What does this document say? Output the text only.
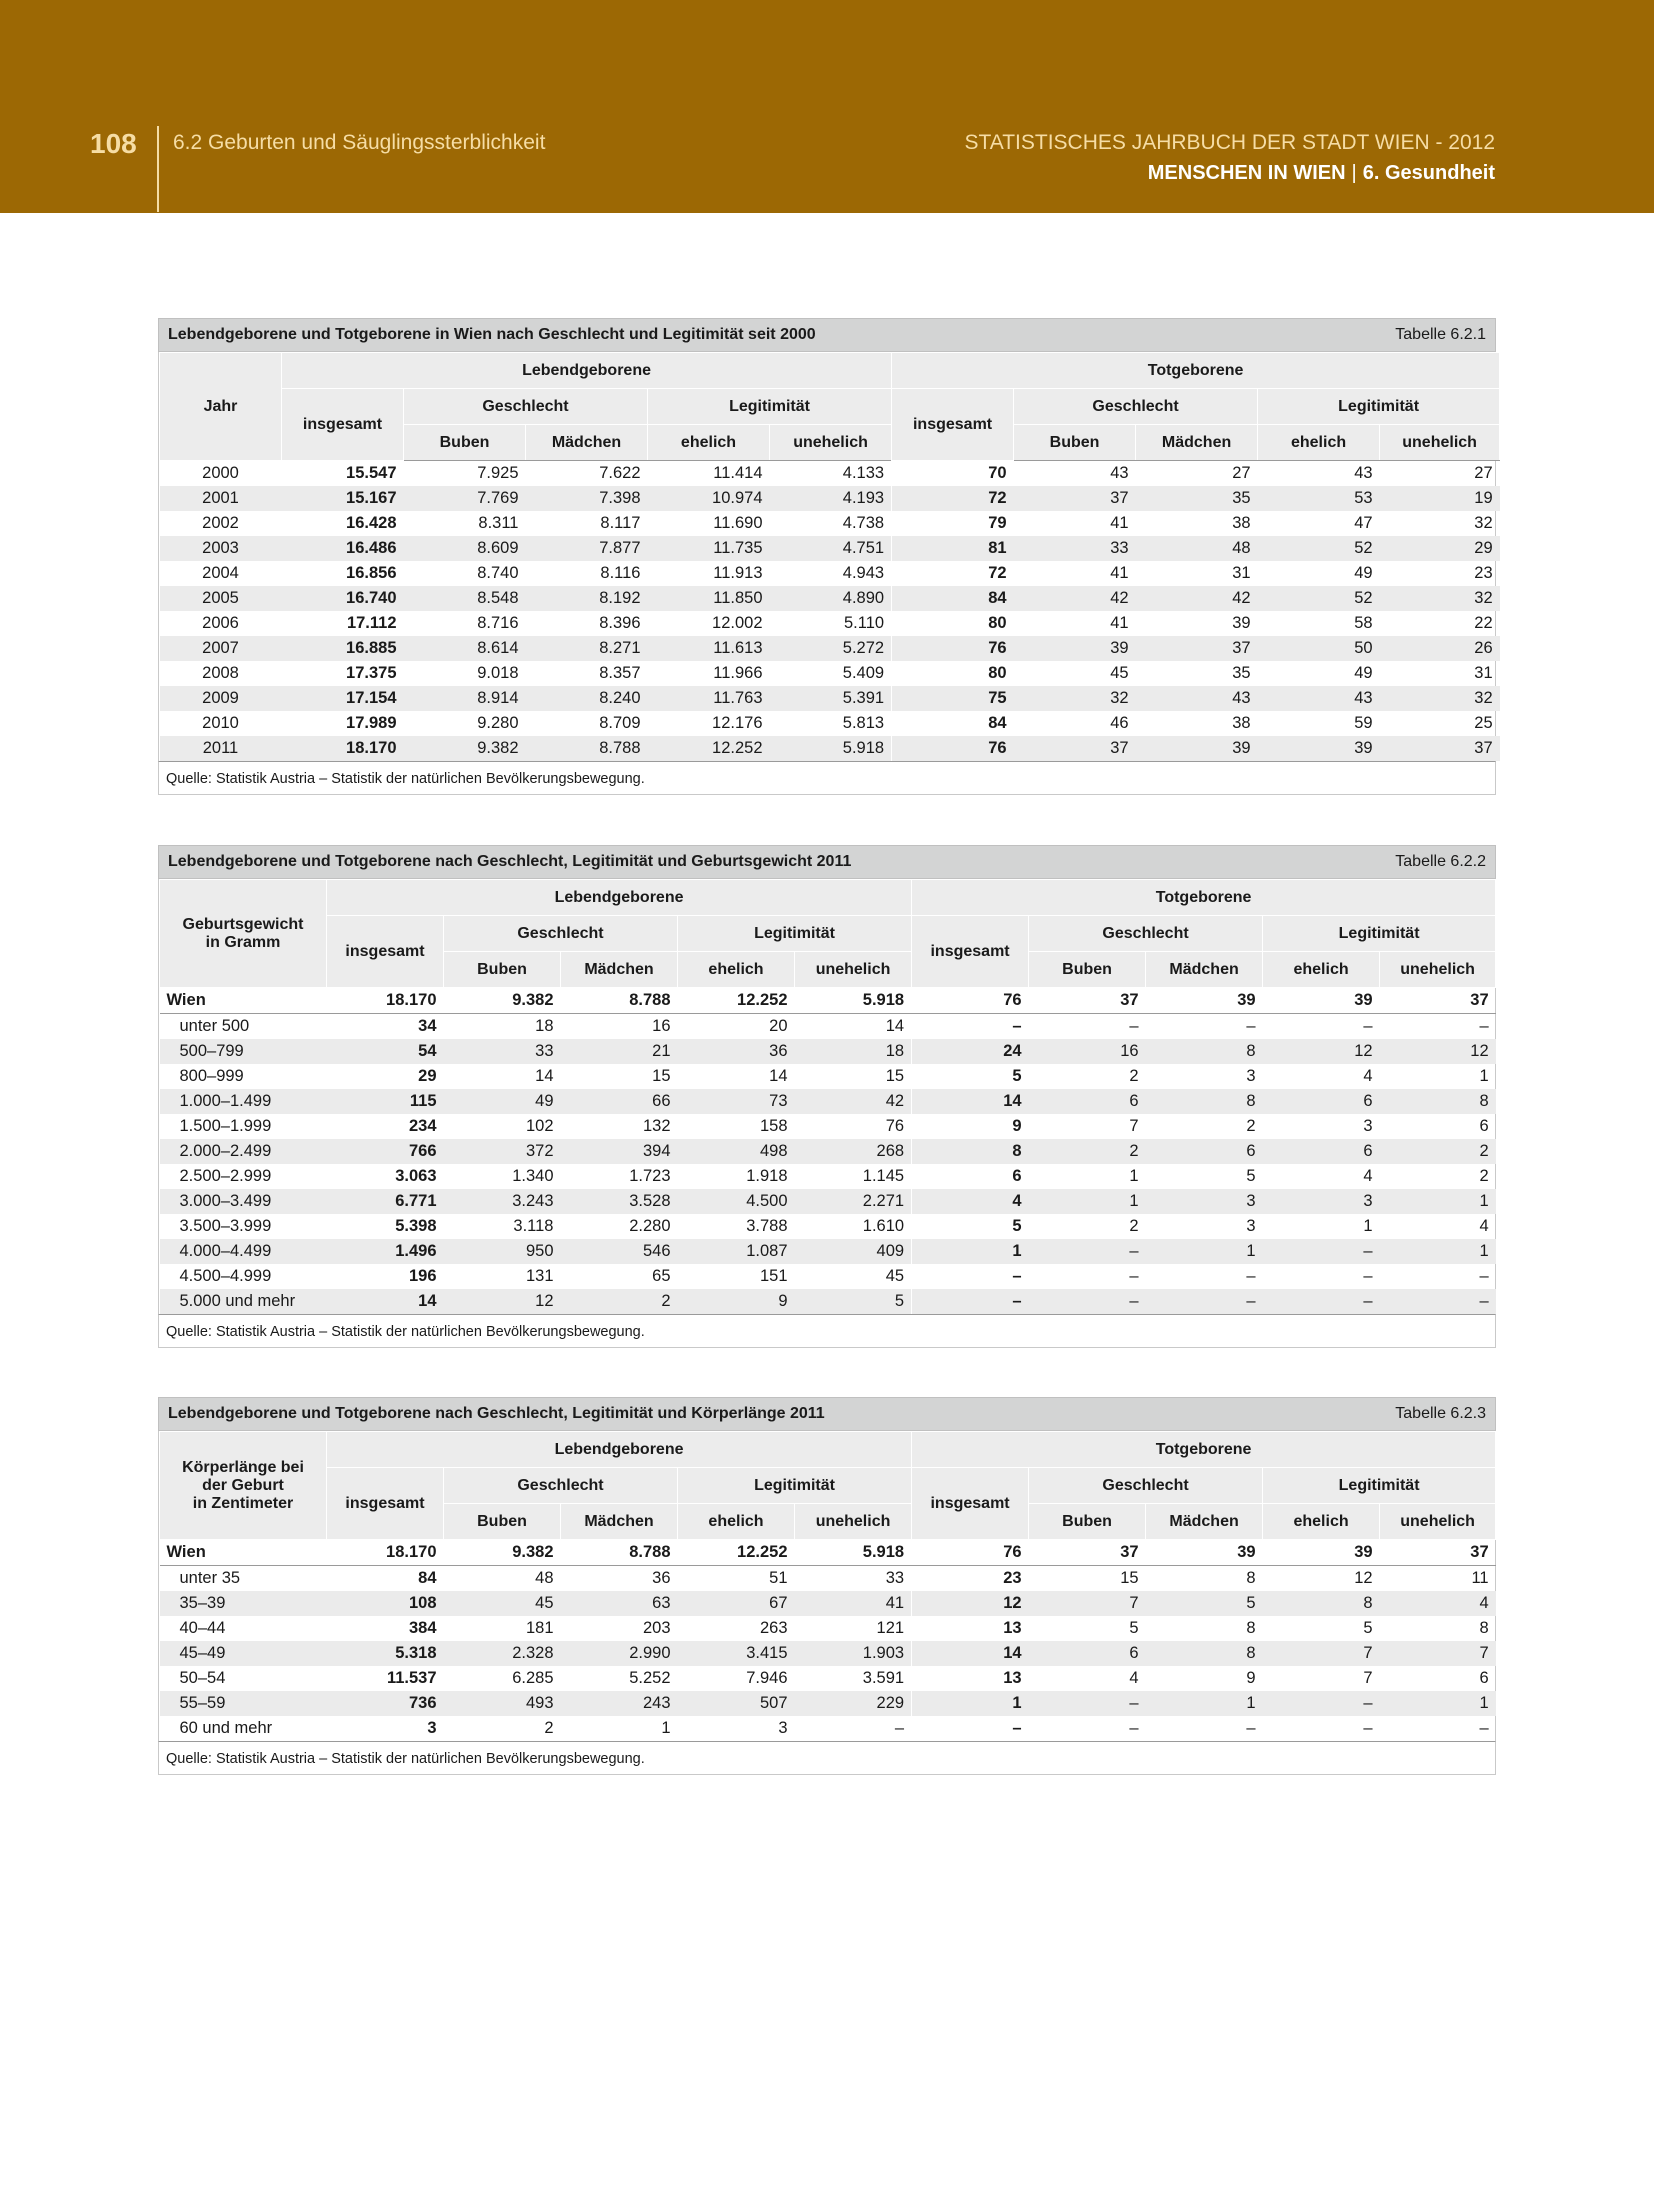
108 6.2 Geburten und Säuglingssterblichkeit	STATISTISCHES JAHRBUCH DER STADT WIEN - 2012
MENSCHEN IN WIEN | 6. Gesundheit
Lebendgeborene und Totgeborene in Wien nach Geschlecht und Legitimität seit 2000	Tabelle 6.2.1
Jahr	Lebendgeborene					Totgeborene				
	insgesamt	Geschlecht		Legitimität		insgesamt	Geschlecht		Legitimität	
		Buben	Mädchen	ehelich	unehelich		Buben	Mädchen	ehelich	unehelich
2000	15.547	7.925	7.622	11.414	4.133	70	43	27	43	27
2001	15.167	7.769	7.398	10.974	4.193	72	37	35	53	19
2002	16.428	8.311	8.117	11.690	4.738	79	41	38	47	32
2003	16.486	8.609	7.877	11.735	4.751	81	33	48	52	29
2004	16.856	8.740	8.116	11.913	4.943	72	41	31	49	23
2005	16.740	8.548	8.192	11.850	4.890	84	42	42	52	32
2006	17.112	8.716	8.396	12.002	5.110	80	41	39	58	22
2007	16.885	8.614	8.271	11.613	5.272	76	39	37	50	26
2008	17.375	9.018	8.357	11.966	5.409	80	45	35	49	31
2009	17.154	8.914	8.240	11.763	5.391	75	32	43	43	32
2010	17.989	9.280	8.709	12.176	5.813	84	46	38	59	25
2011	18.170	9.382	8.788	12.252	5.918	76	37	39	39	37
Quelle: Statistik Austria – Statistik der natürlichen Bevölkerungsbewegung.
Lebendgeborene und Totgeborene nach Geschlecht, Legitimität und Geburtsgewicht 2011	Tabelle 6.2.2
Geburtsgewicht
in Gramm	Lebendgeborene					Totgeborene				
	insgesamt	Geschlecht		Legitimität		insgesamt	Geschlecht		Legitimität	
		Buben	Mädchen	ehelich	unehelich		Buben	Mädchen	ehelich	unehelich
Wien	18.170	9.382	8.788	12.252	5.918	76	37	39	39	37
unter 500	34	18	16	20	14	–	–	–	–	–
500–799	54	33	21	36	18	24	16	8	12	12
800–999	29	14	15	14	15	5	2	3	4	1
1.000–1.499	115	49	66	73	42	14	6	8	6	8
1.500–1.999	234	102	132	158	76	9	7	2	3	6
2.000–2.499	766	372	394	498	268	8	2	6	6	2
2.500–2.999	3.063	1.340	1.723	1.918	1.145	6	1	5	4	2
3.000–3.499	6.771	3.243	3.528	4.500	2.271	4	1	3	3	1
3.500–3.999	5.398	3.118	2.280	3.788	1.610	5	2	3	1	4
4.000–4.499	1.496	950	546	1.087	409	1	–	1	–	1
4.500–4.999	196	131	65	151	45	–	–	–	–	–
5.000 und mehr	14	12	2	9	5	–	–	–	–	–
Quelle: Statistik Austria – Statistik der natürlichen Bevölkerungsbewegung.
Lebendgeborene und Totgeborene nach Geschlecht, Legitimität und Körperlänge 2011	Tabelle 6.2.3
Körperlänge bei
der Geburt
in Zentimeter	Lebendgeborene					Totgeborene				
	insgesamt	Geschlecht		Legitimität		insgesamt	Geschlecht		Legitimität	
		Buben	Mädchen	ehelich	unehelich		Buben	Mädchen	ehelich	unehelich
Wien	18.170	9.382	8.788	12.252	5.918	76	37	39	39	37
unter 35	84	48	36	51	33	23	15	8	12	11
35–39	108	45	63	67	41	12	7	5	8	4
40–44	384	181	203	263	121	13	5	8	5	8
45–49	5.318	2.328	2.990	3.415	1.903	14	6	8	7	7
50–54	11.537	6.285	5.252	7.946	3.591	13	4	9	7	6
55–59	736	493	243	507	229	1	–	1	–	1
60 und mehr	3	2	1	3	–	–	–	–	–	–
Quelle: Statistik Austria – Statistik der natürlichen Bevölkerungsbewegung.
